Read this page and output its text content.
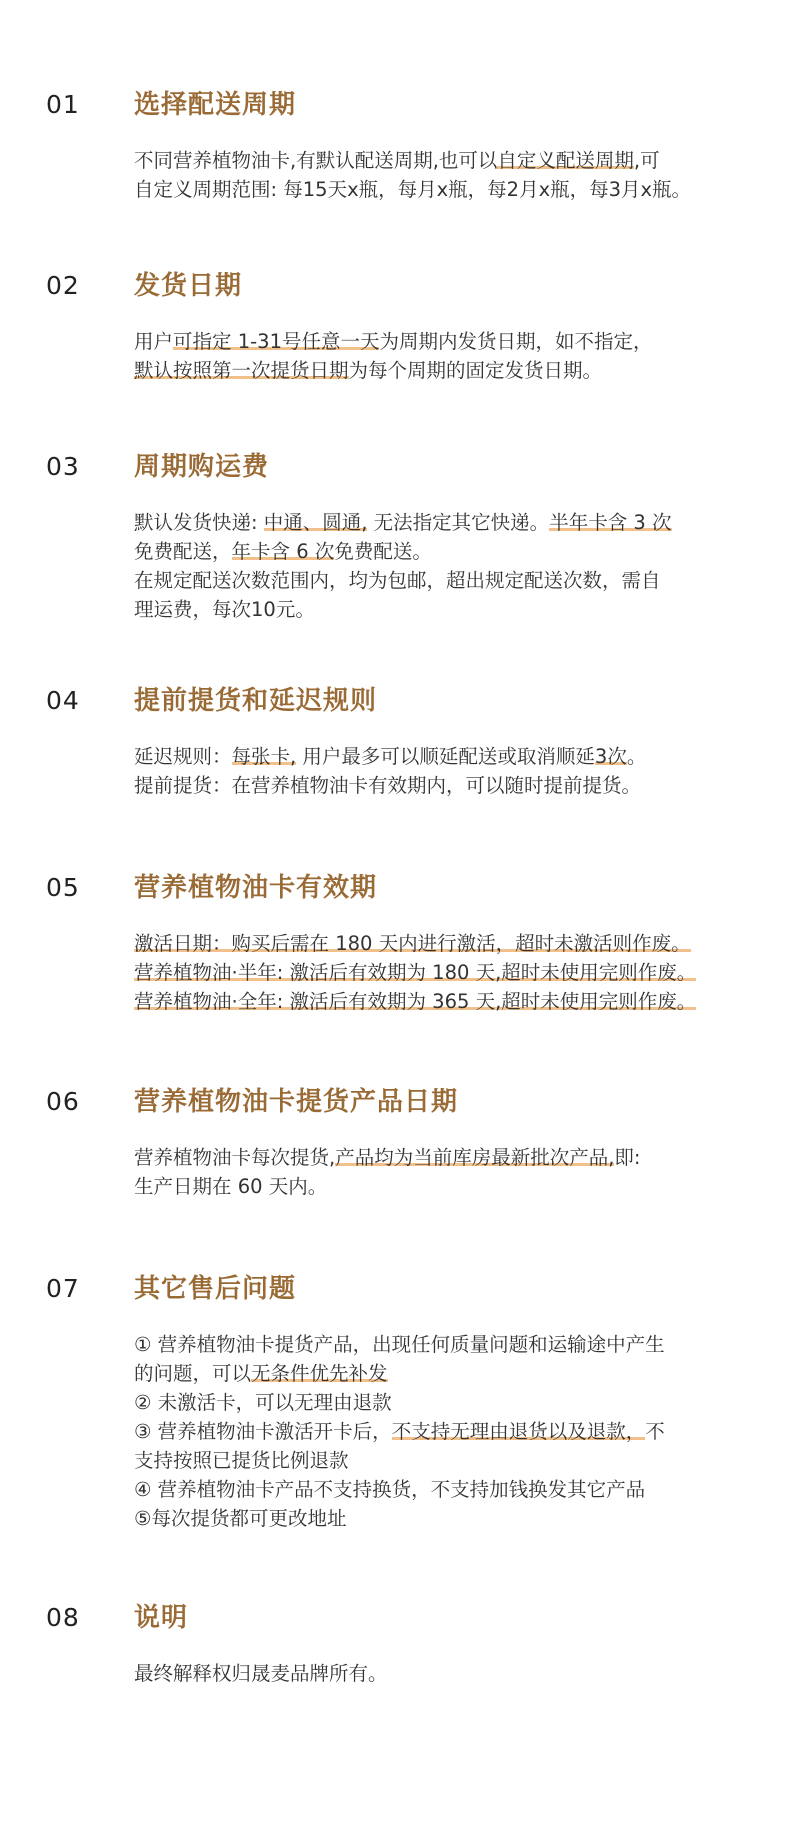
01 选择配送周期
不同营养植物油卡,有默认配送周期,也可以自定义配送周期,可
自定义周期范围: 每15天x瓶，每月x瓶，每2月x瓶，每3月x瓶。
02 发货日期
用户可指定 1-31号任意一天为周期内发货日期，如不指定，
默认按照第一次提货日期为每个周期的固定发货日期。
03 周期购运费
默认发货快递: 中通、圆通, 无法指定其它快递。半年卡含 3 次
免费配送，年卡含 6 次免费配送。
在规定配送次数范围内，均为包邮，超出规定配送次数，需自
理运费，每次10元。
04 提前提货和延迟规则
延迟规则：每张卡, 用户最多可以顺延配送或取消顺延3次。
提前提货：在营养植物油卡有效期内，可以随时提前提货。
05 营养植物油卡有效期
激活日期：购买后需在 180 天内进行激活，超时未激活则作废。
营养植物油·半年: 激活后有效期为 180 天,超时未使用完则作废。
营养植物油·全年: 激活后有效期为 365 天,超时未使用完则作废。
06 营养植物油卡提货产品日期
营养植物油卡每次提货,产品均为当前库房最新批次产品,即:
生产日期在 60 天内。
07 其它售后问题
① 营养植物油卡提货产品，出现任何质量问题和运输途中产生
的问题，可以无条件优先补发
② 未激活卡，可以无理由退款
③ 营养植物油卡激活开卡后，不支持无理由退货以及退款，不
支持按照已提货比例退款
④ 营养植物油卡产品不支持换货，不支持加钱换发其它产品
⑤每次提货都可更改地址
08 说明
最终解释权归晟麦品牌所有。
